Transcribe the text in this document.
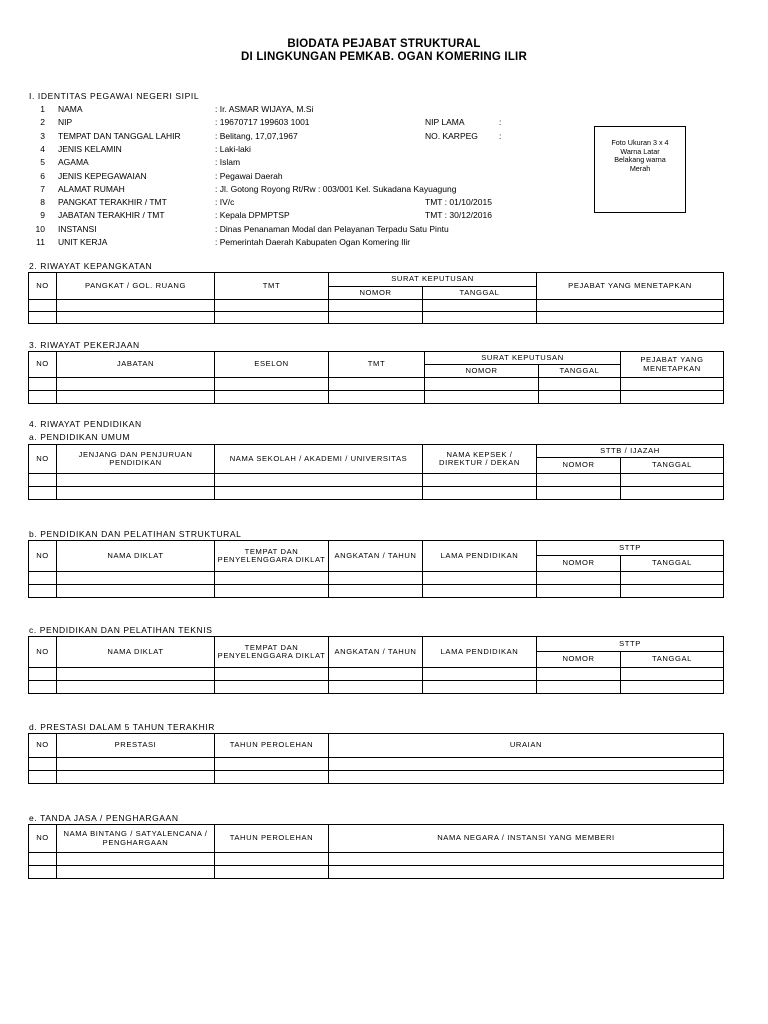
BIODATA PEJABAT STRUKTURAL
DI LINGKUNGAN PEMKAB. OGAN KOMERING ILIR
I. IDENTITAS PEGAWAI NEGERI SIPIL
1 NAMA	: Ir. ASMAR WIJAYA, M.Si
2 NIP	: 19670717 199603 1001	NIP LAMA	:
3 TEMPAT DAN TANGGAL LAHIR	: Belitang, 17,07,1967	NO. KARPEG :
4 JENIS KELAMIN	: Laki-laki
5 AGAMA	: Islam
6 JENIS KEPEGAWAIAN	: Pegawai Daerah
7 ALAMAT RUMAH	: Jl. Gotong Royong Rt/Rw : 003/001 Kel. Sukadana Kayuagung
8 PANGKAT TERAKHIR / TMT	: IV/c	TMT : 01/10/2015
9 JABATAN TERAKHIR / TMT	: Kepala DPMPTSP	TMT : 30/12/2016
10 INSTANSI	: Dinas Penanaman Modal dan Pelayanan Terpadu Satu Pintu
11 UNIT KERJA	: Pemerintah Daerah Kabupaten Ogan Komering Ilir
Foto Ukuran 3 x 4
Warna Latar
Belakang warna
Merah
2. RIWAYAT KEPANGKATAN
NO	PANGKAT / GOL. RUANG	TMT	SURAT KEPUTUSAN		PEJABAT YANG MENETAPKAN
			NOMOR	TANGGAL	

3. RIWAYAT PEKERJAAN
NO	JABATAN	ESELON	TMT	SURAT KEPUTUSAN		PEJABAT YANG MENETAPKAN
				NOMOR	TANGGAL	

4. RIWAYAT PENDIDIKAN
a. PENDIDIKAN UMUM
NO	JENJANG DAN PENJURUAN PENDIDIKAN	NAMA SEKOLAH / AKADEMI / UNIVERSITAS	NAMA KEPSEK / DIREKTUR / DEKAN	STTB / IJAZAH	
				NOMOR	TANGGAL

b. PENDIDIKAN DAN PELATIHAN STRUKTURAL
NO	NAMA DIKLAT	TEMPAT DAN PENYELENGGARA DIKLAT	ANGKATAN / TAHUN	LAMA PENDIDIKAN	STTP	
					NOMOR	TANGGAL

c. PENDIDIKAN DAN PELATIHAN TEKNIS
NO	NAMA DIKLAT	TEMPAT DAN PENYELENGGARA DIKLAT	ANGKATAN / TAHUN	LAMA PENDIDIKAN	STTP	
					NOMOR	TANGGAL

d. PRESTASI DALAM 5 TAHUN TERAKHIR
NO	PRESTASI	TAHUN PEROLEHAN	URAIAN

e. TANDA JASA / PENGHARGAAN
NO	NAMA BINTANG / SATYALENCANA / PENGHARGAAN	TAHUN PEROLEHAN	NAMA NEGARA / INSTANSI YANG MEMBERI
